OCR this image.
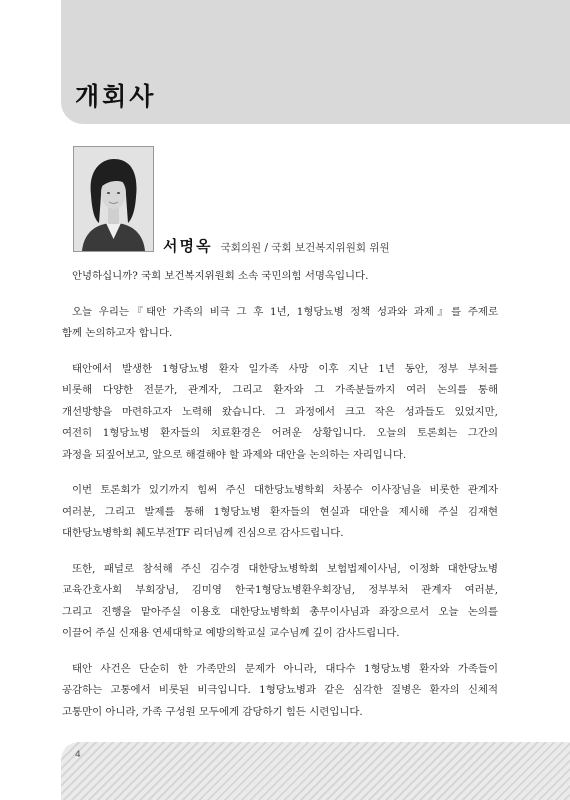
개회사
서명옥 국회의원 / 국회 보건복지위원회 위원

안녕하십니까? 국회 보건복지위원회 소속 국민의힘 서명옥입니다.

오늘 우리는『태안 가족의 비극 그 후 1년, 1형당뇨병 정책 성과와 과제』를 주제로
함께 논의하고자 합니다.

태안에서 발생한 1형당뇨병 환자 일가족 사망 이후 지난 1년 동안, 정부 부처를
비롯해 다양한 전문가, 관계자, 그리고 환자와 그 가족분들까지 여러 논의를 통해
개선방향을 마련하고자 노력해 왔습니다. 그 과정에서 크고 작은 성과들도 있었지만,
여전히 1형당뇨병 환자들의 치료환경은 어려운 상황입니다. 오늘의 토론회는 그간의
과정을 되짚어보고, 앞으로 해결해야 할 과제와 대안을 논의하는 자리입니다.

이번 토론회가 있기까지 힘써 주신 대한당뇨병학회 차봉수 이사장님을 비롯한 관계자
여러분, 그리고 발제를 통해 1형당뇨병 환자들의 현실과 대안을 제시해 주실 김재현
대한당뇨병학회 췌도부전TF 리더님께 진심으로 감사드립니다.

또한, 패널로 참석해 주신 김수경 대한당뇨병학회 보험법제이사님, 이정화 대한당뇨병
교육간호사회 부회장님, 김미영 한국1형당뇨병환우회장님, 정부부처 관계자 여러분,
그리고 진행을 맡아주실 이용호 대한당뇨병학회 총무이사님과 좌장으로서 오늘 논의를
이끌어 주실 신재용 연세대학교 예방의학교실 교수님께 깊이 감사드립니다.

태안 사건은 단순히 한 가족만의 문제가 아니라, 대다수 1형당뇨병 환자와 가족들이
공감하는 고통에서 비롯된 비극입니다. 1형당뇨병과 같은 심각한 질병은 환자의 신체적
고통만이 아니라, 가족 구성원 모두에게 감당하기 힘든 시련입니다.

4
